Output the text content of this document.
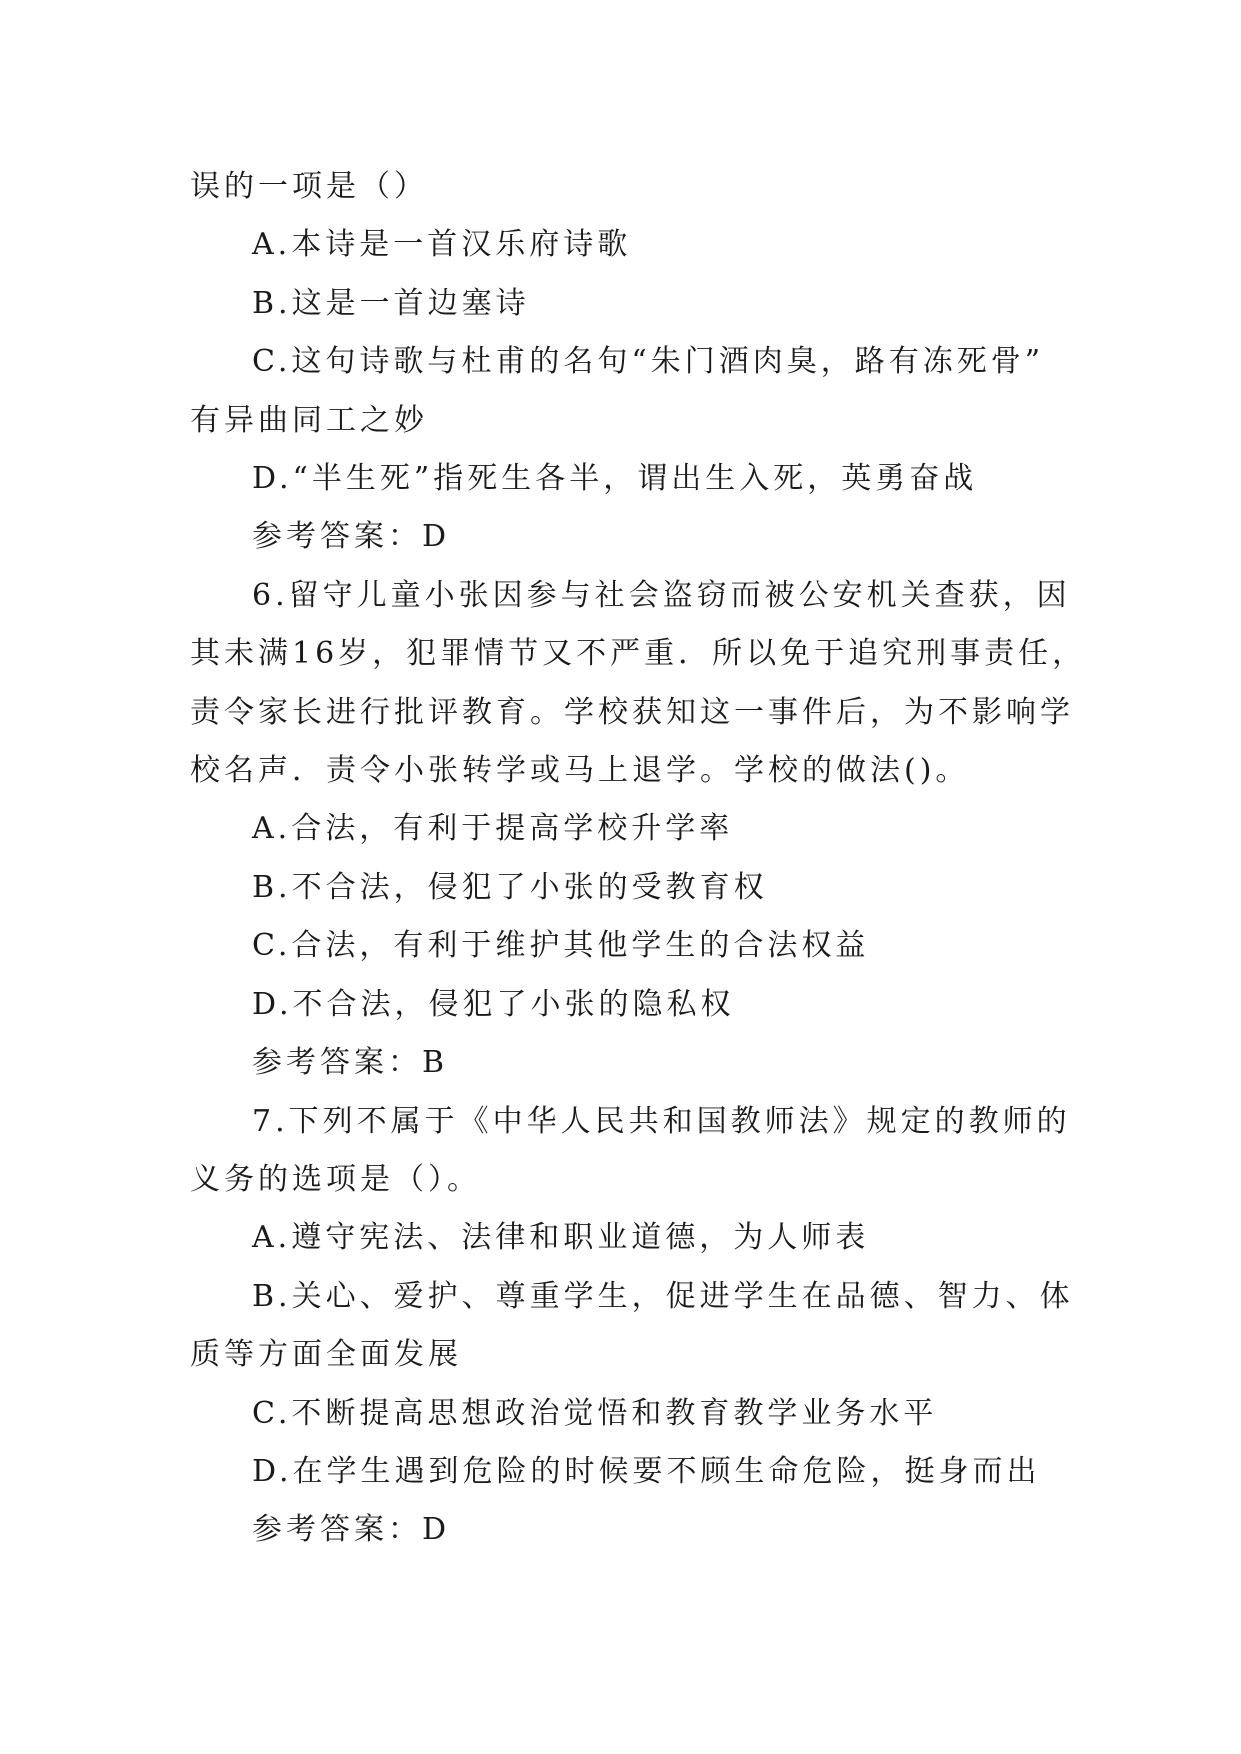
误的一项是（）
A.本诗是一首汉乐府诗歌
B.这是一首边塞诗
C.这句诗歌与杜甫的名句“朱门酒肉臭，路有冻死骨”
有异曲同工之妙
D.“半生死”指死生各半，谓出生入死，英勇奋战
参考答案：D
6.留守儿童小张因参与社会盗窃而被公安机关查获，因
其未满16岁，犯罪情节又不严重．所以免于追究刑事责任，
责令家长进行批评教育。学校获知这一事件后，为不影响学
校名声．责令小张转学或马上退学。学校的做法()。
A.合法，有利于提高学校升学率
B.不合法，侵犯了小张的受教育权
C.合法，有利于维护其他学生的合法权益
D.不合法，侵犯了小张的隐私权
参考答案：B
7.下列不属于《中华人民共和国教师法》规定的教师的
义务的选项是（）。
A.遵守宪法、法律和职业道德，为人师表
B.关心、爱护、尊重学生，促进学生在品德、智力、体
质等方面全面发展
C.不断提高思想政治觉悟和教育教学业务水平
D.在学生遇到危险的时候要不顾生命危险，挺身而出
参考答案：D
